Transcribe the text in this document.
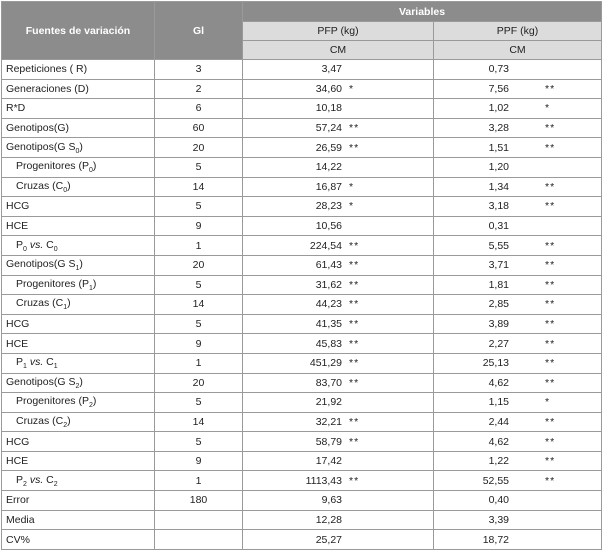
Fuentes de variación	Gl	Variables	
		PFP (kg)	PPF (kg)
		CM	CM
Repeticiones ( R)	3	3,47	0,73

Generaciones (D)	2	34,60 *	7,56 **

R*D	6	10,18	1,02 *

Genotipos(G)	60	57,24 **	3,28 **

Genotipos(G $S_0$)	20	26,59 **	1,51 **

Progenitores $(P_0)$	5	14,22	1,20

Cruzas $(C_0)$	14	16,87 *	1,34 **

HCG	5	28,23 *	3,18 **

HCE	9	10,56	0,31

$P_0$ vs. $C_0$	1	224,54 **	5,55 **

Genotipos(G $S_1$)	20	61,43 **	3,71 **

Progenitores $(P_1)$	5	31,62 **	1,81 **

Cruzas $(C_1)$	14	44,23 **	2,85 **

HCG	5	41,35 **	3,89 **

HCE	9	45,83 **	2,27 **

$P_1$ vs. $C_1$	1	451,29 **	25,13 **

Genotipos(G $S_2$)	20	83,70 **	4,62 **

Progenitores $(P_2)$	5	21,92	1,15 *

Cruzas $(C_2)$	14	32,21 **	2,44 **

HCG	5	58,79 **	4,62 **

HCE	9	17,42	1,22 **

$P_2$ vs. $C_2$	1	1113,43 **	52,55 **

Error	180	9,63	0,40

Media		12,28	3,39

CV%		25,27	18,72
